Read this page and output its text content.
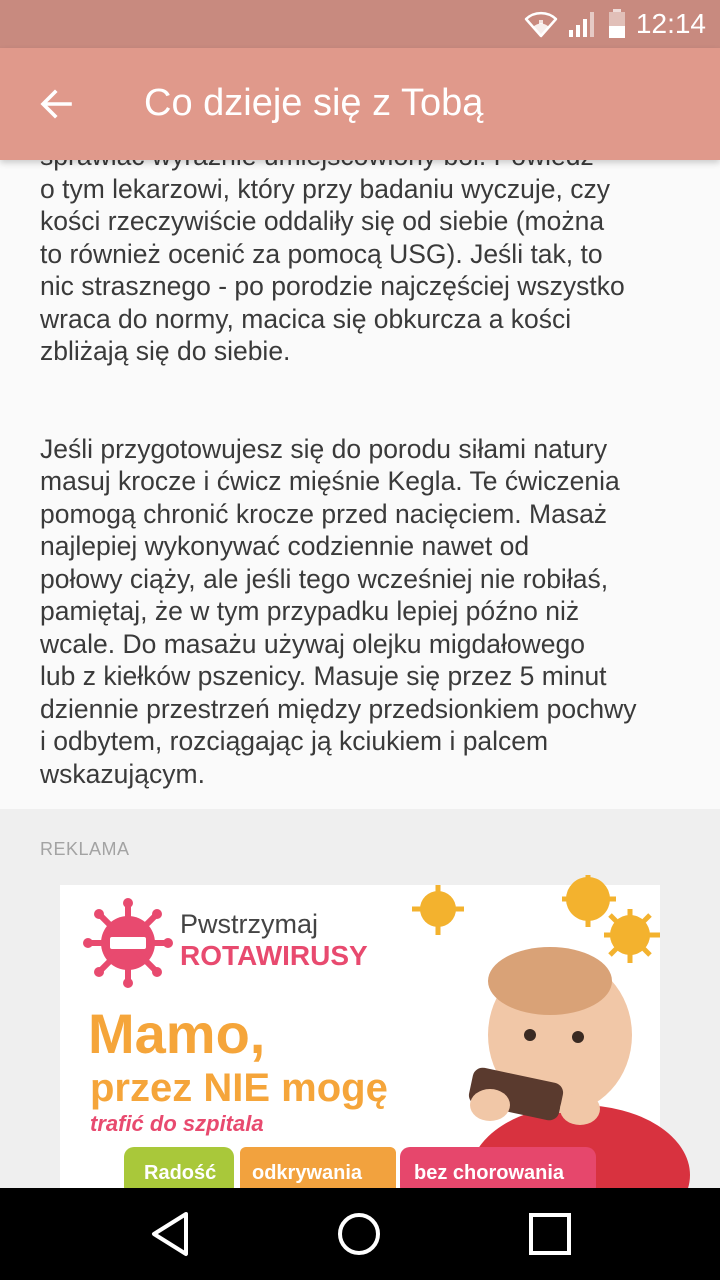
12:14
Co dzieje się z Tobą

o tym lekarzowi, który przy badaniu wyczuje, czy
kości rzeczywiście oddaliły się od siebie (można
to również ocenić za pomocą USG). Jeśli tak, to
nic strasznego - po porodzie najczęściej wszystko
wraca do normy, macica się obkurcza a kości
zbliżają się do siebie.

Jeśli przygotowujesz się do porodu siłami natury
masuj krocze i ćwicz mięśnie Kegla. Te ćwiczenia
pomogą chronić krocze przed nacięciem. Masaż
najlepiej wykonywać codziennie nawet od
połowy ciąży, ale jeśli tego wcześniej nie robiłaś,
pamiętaj, że w tym przypadku lepiej późno niż
wcale. Do masażu używaj olejku migdałowego
lub z kiełków pszenicy. Masuje się przez 5 minut
dziennie przestrzeń między przedsionkiem pochwy
i odbytem, rozciągając ją kciukiem i palcem
wskazującym.

REKLAMA
Pwstrzymaj
ROTAWIRUSY
Mamo,
przez NIE mogę
trafić do szpitala
Radość odkrywania	bez chorowania
